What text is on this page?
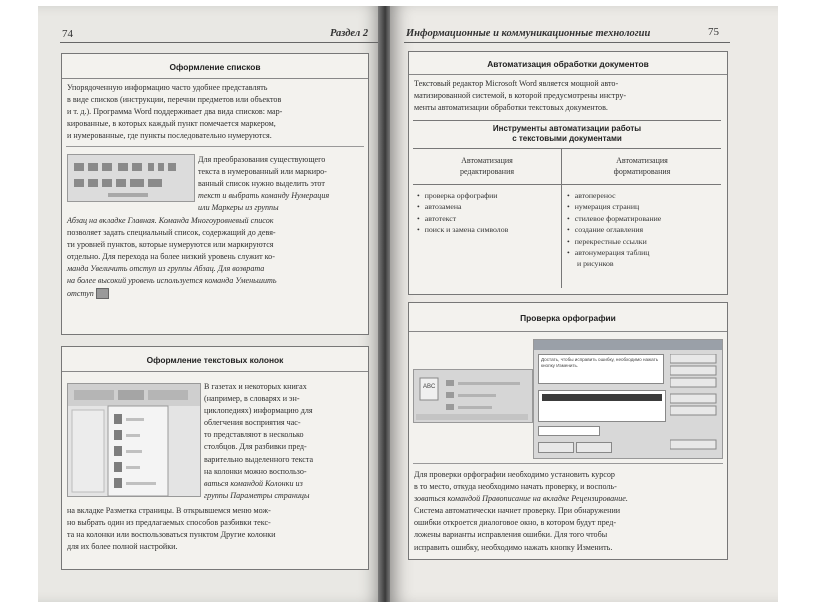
74	Раздел 2
Оформление списков
Упорядоченную информацию часто удобнее представлять
в виде списков (инструкции, перечни предметов или объектов
и т. д.). Программа Word поддерживает два вида списков: мар-
кированные, в которых каждый пункт помечается маркером,
и нумерованные, где пункты последовательно нумеруются.
Для преобразования существующего
текста в нумерованный или маркиро-
ванный список нужно выделить этот
текст и выбрать команду Нумерация
или Маркеры из группы
Абзац на вкладке Главная. Команда Многоуровневый список
позволяет задать специальный список, содержащий до девя-
ти уровней пунктов, которые нумеруются или маркируются
отдельно. Для перехода на более низкий уровень служит ко-
манда Увеличить отступ из группы Абзац. Для возврата
на более высокий уровень используется команда Уменьшить
отступ
Оформление текстовых колонок
В газетах и некоторых книгах
(например, в словарях и эн-
циклопедиях) информацию для
облегчения восприятия час-
то представляют в несколько
столбцов. Для разбивки пред-
варительно выделенного текста
на колонки можно воспользо-
ваться командой Колонки из
группы Параметры страницы
на вкладке Разметка страницы. В открывшемся меню мож-
но выбрать один из предлагаемых способов разбивки текс-
та на колонки или воспользоваться пунктом Другие колонки
для их более полной настройки.
Информационные и коммуникационные технологии	75
Автоматизация обработки документов
Текстовый редактор Microsoft Word является мощной авто-
матизированной системой, в которой предусмотрены инстру-
менты автоматизации обработки текстовых документов.
Инструменты автоматизации работы
с текстовыми документами
Автоматизация
редактирования
Автоматизация
форматирования
• проверка орфографии
• автозамена
• автотекст
• поиск и замена символов
• автоперенос
• нумерация страниц
• стилевое форматирование
• создание оглавления
• перекрестные ссылки
• автонумерация таблиц
и рисунков
Проверка орфографии
ABC
Достать, чтобы исправить ошибку, необходимо нажать кнопку Изменить.
Для проверки орфографии необходимо установить курсор
в то место, откуда необходимо начать проверку, и восполь-
зоваться командой Правописание на вкладке Рецензирование.
Система автоматически начнет проверку. При обнаружении
ошибки откроется диалоговое окно, в котором будут пред-
ложены варианты исправления ошибки. Для того чтобы
исправить ошибку, необходимо нажать кнопку Изменить.
